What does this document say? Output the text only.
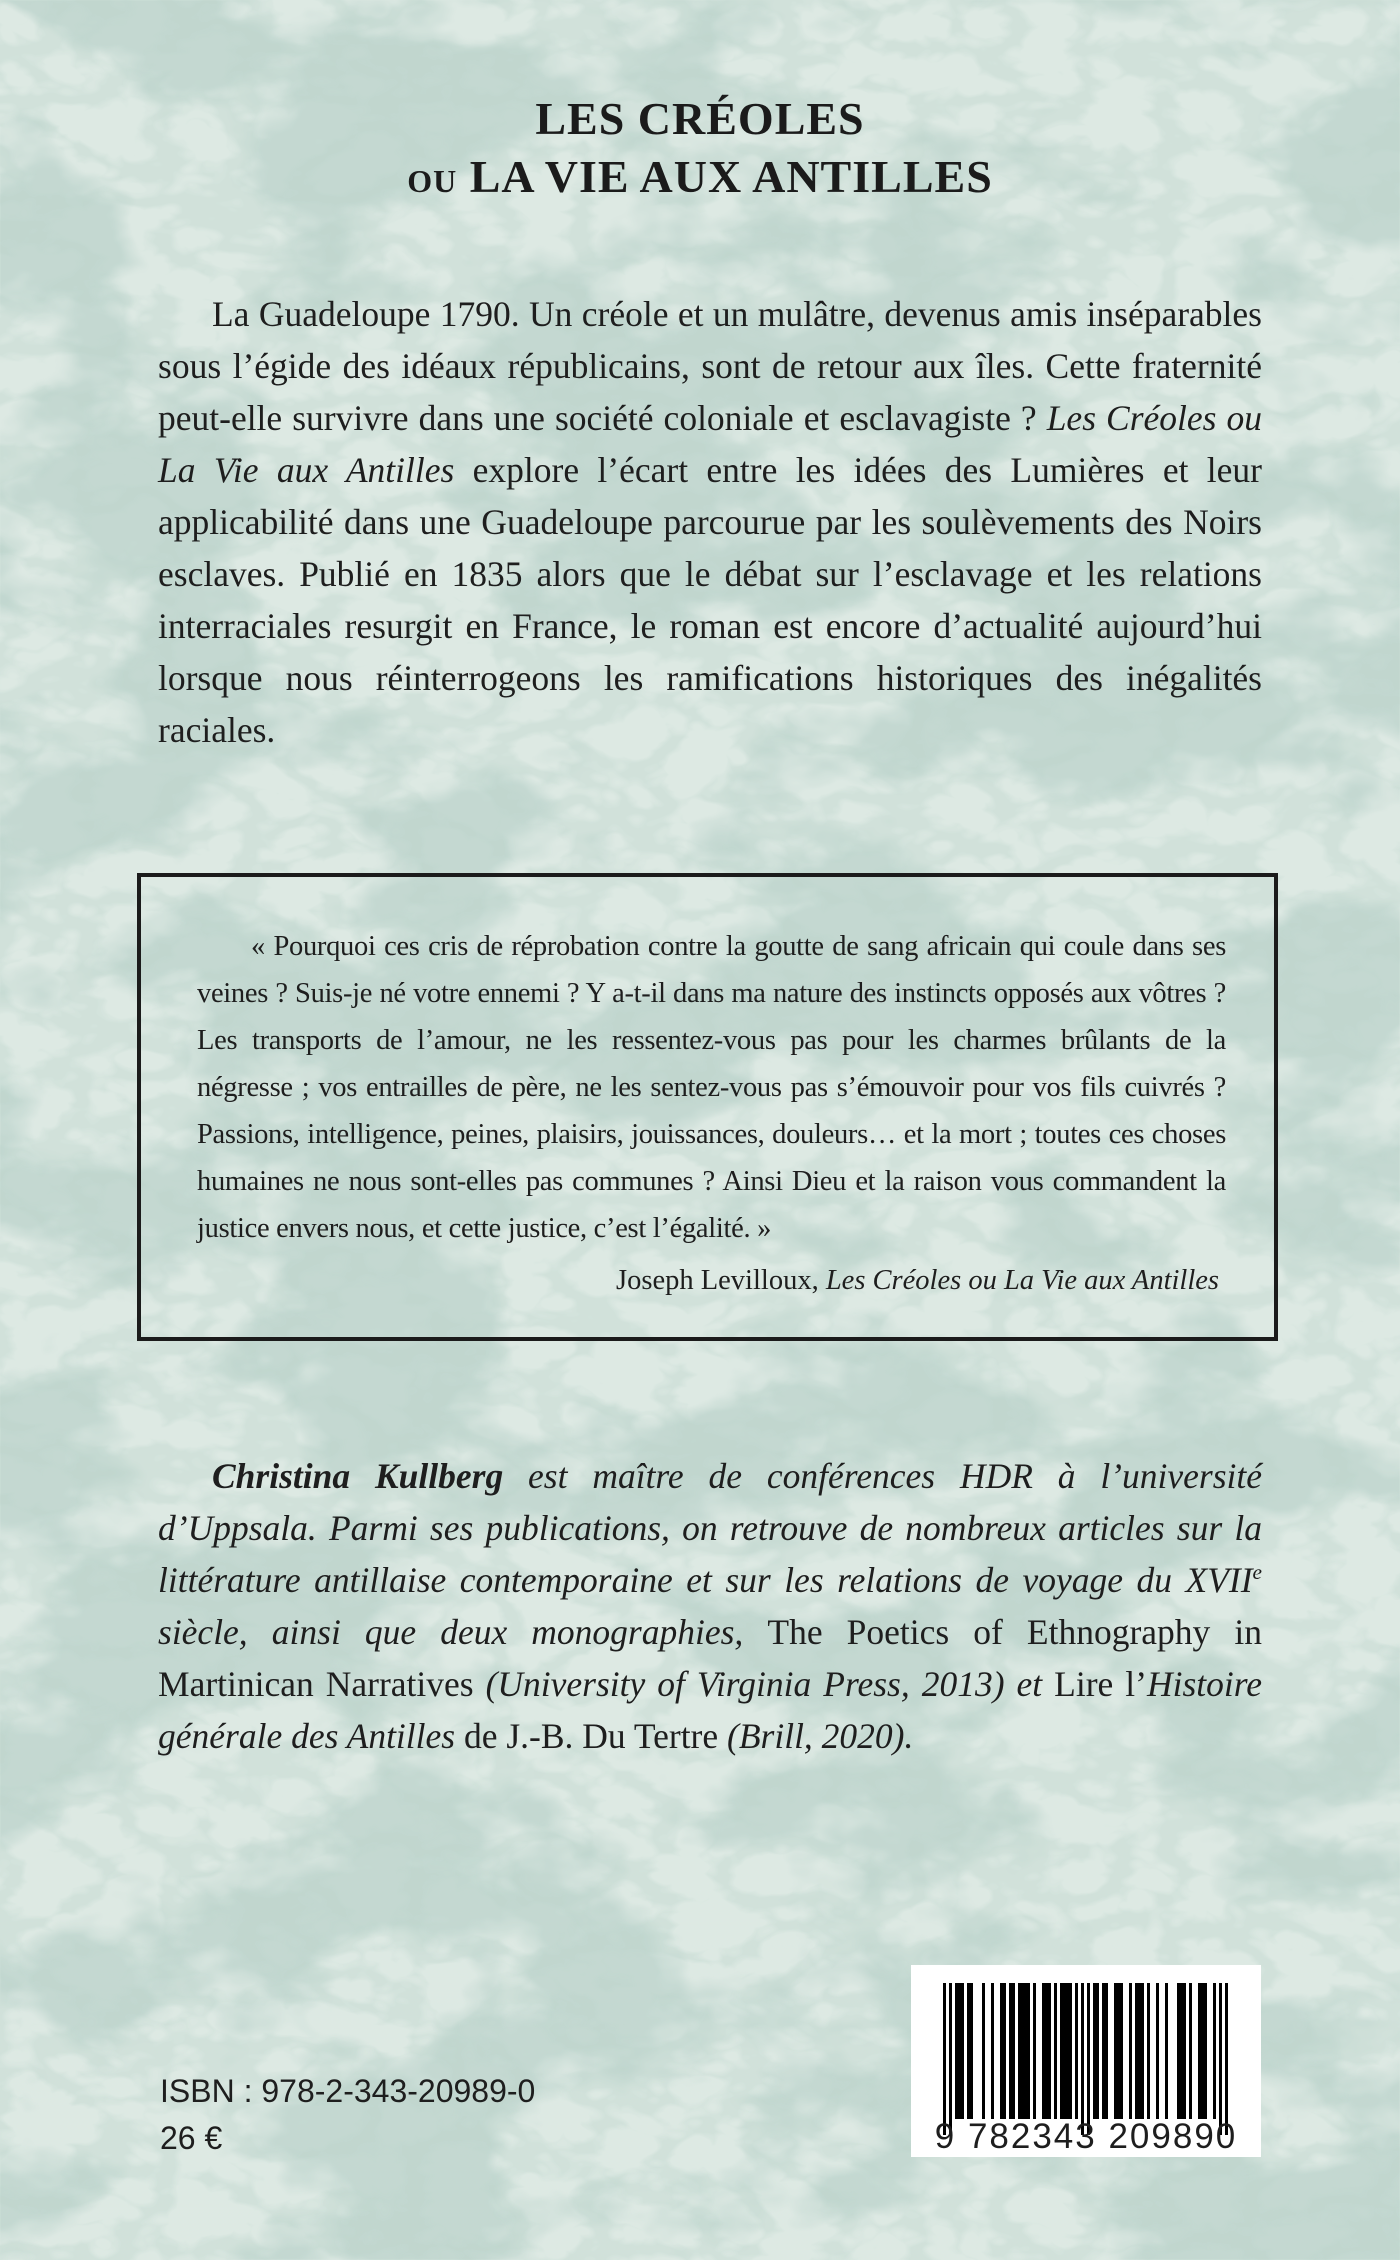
LES CRÉOLES
OU LA VIE AUX ANTILLES

La Guadeloupe 1790. Un créole et un mulâtre, devenus amis inséparables sous l’égide des idéaux républicains, sont de retour aux îles. Cette fraternité peut-elle survivre dans une société coloniale et esclavagiste ? Les Créoles ou La Vie aux Antilles explore l’écart entre les idées des Lumières et leur applicabilité dans une Guadeloupe parcourue par les soulèvements des Noirs esclaves. Publié en 1835 alors que le débat sur l’esclavage et les relations interraciales resurgit en France, le roman est encore d’actualité aujourd’hui lorsque nous réinterrogeons les ramifications historiques des inégalités raciales.

« Pourquoi ces cris de réprobation contre la goutte de sang africain qui coule dans ses veines ? Suis-je né votre ennemi ? Y a-t-il dans ma nature des instincts opposés aux vôtres ? Les transports de l’amour, ne les ressentez-vous pas pour les charmes brûlants de la négresse ; vos entrailles de père, ne les sentez-vous pas s’émouvoir pour vos fils cuivrés ? Passions, intelligence, peines, plaisirs, jouissances, douleurs… et la mort ; toutes ces choses humaines ne nous sont-elles pas communes ? Ainsi Dieu et la raison vous commandent la justice envers nous, et cette justice, c’est l’égalité. »

Joseph Levilloux, Les Créoles ou La Vie aux Antilles

Christina Kullberg est maître de conférences HDR à l’université d’Uppsala. Parmi ses publications, on retrouve de nombreux articles sur la littérature antillaise contemporaine et sur les relations de voyage du XVIIe siècle, ainsi que deux monographies, The Poetics of Ethnography in Martinican Narratives (University of Virginia Press, 2013) et Lire l’Histoire générale des Antilles de J.-B. Du Tertre (Brill, 2020).

ISBN : 978-2-343-20989-0
26 €	9 782343 209890
